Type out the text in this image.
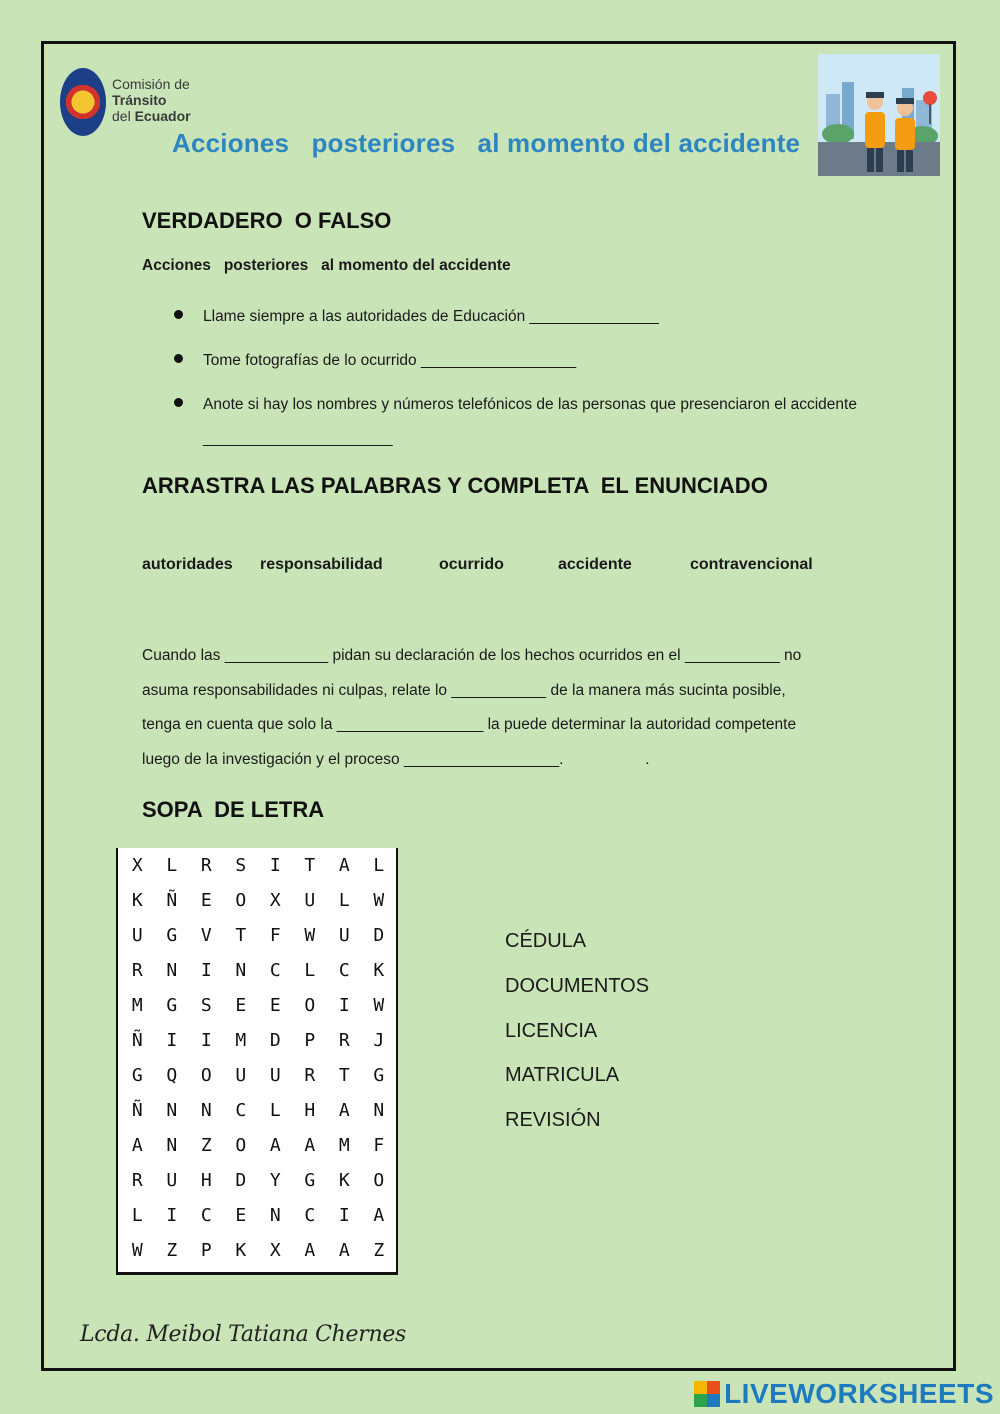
Comisión de
Tránsito
del Ecuador
Acciones   posteriores   al momento del accidente
VERDADERO  O FALSO
Acciones   posteriores   al momento del accidente
Llame siempre a las autoridades de Educación _______________
Tome fotografías de lo ocurrido __________________
Anote si hay los nombres y números telefónicos de las personas que presenciaron el accidente ______________________
ARRASTRA LAS PALABRAS Y COMPLETA  EL ENUNCIADO
autoridades responsabilidad	ocurrido	accidente	contravencional
Cuando las ____________ pidan su declaración de los hechos ocurridos en el ___________ no
asuma responsabilidades ni culpas, relate lo ___________ de la manera más sucinta posible,
tenga en cuenta que solo la _________________ la puede determinar la autoridad competente
luego de la investigación y el proceso __________________.                   .
SOPA  DE LETRA
X	L	R	S	I	T	A	L
K	Ñ	E	O	X	U	L	W
U	G	V	T	F	W	U	D
R	N	I	N	C	L	C	K
M	G	S	E	E	O	I	W
Ñ	I	I	M	D	P	R	J
G	Q	O	U	U	R	T	G
Ñ	N	N	C	L	H	A	N
A	N	Z	O	A	A	M	F
R	U	H	D	Y	G	K	O
L	I	C	E	N	C	I	A
W	Z	P	K	X	A	A	Z
CÉDULA
DOCUMENTOS
LICENCIA
MATRICULA
REVISIÓN
Lcda. Meibol Tatiana Chernes
LIVEWORKSHEETS
